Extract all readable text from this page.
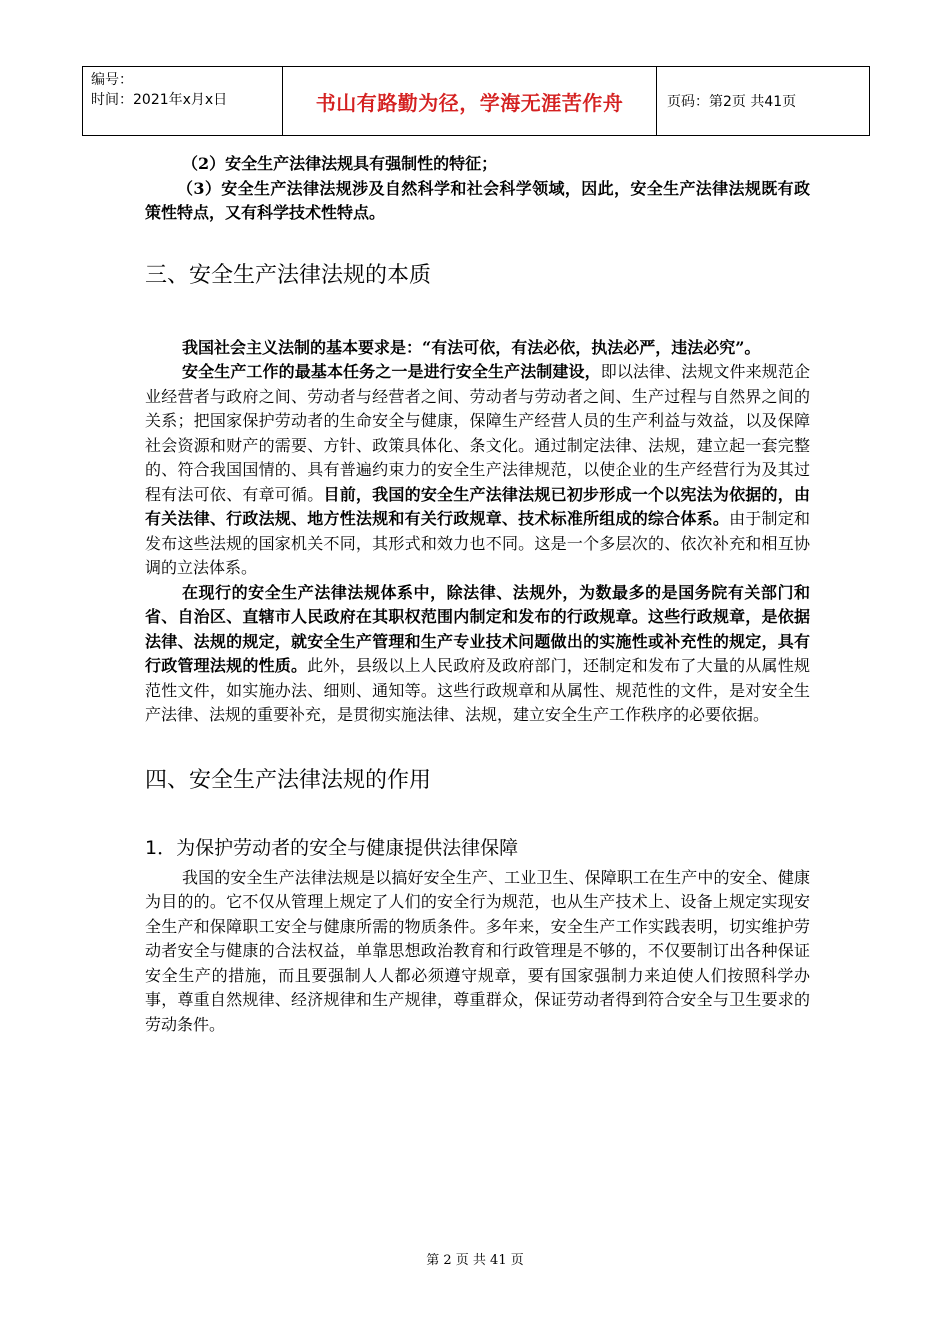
编号：
时间：2021年x月x日	书山有路勤为径，学海无涯苦作舟	页码：第2页 共41页

（2）安全生产法律法规具有强制性的特征；

（3）安全生产法律法规涉及自然科学和社会科学领域，因此，安全生产法律法规既有政策性特点，又有科学技术性特点。

三、安全生产法律法规的本质

我国社会主义法制的基本要求是：“有法可依，有法必依，执法必严，违法必究”。

安全生产工作的最基本任务之一是进行安全生产法制建设，即以法律、法规文件来规范企业经营者与政府之间、劳动者与经营者之间、劳动者与劳动者之间、生产过程与自然界之间的关系；把国家保护劳动者的生命安全与健康，保障生产经营人员的生产利益与效益，以及保障社会资源和财产的需要、方针、政策具体化、条文化。通过制定法律、法规，建立起一套完整的、符合我国国情的、具有普遍约束力的安全生产法律规范，以使企业的生产经营行为及其过程有法可依、有章可循。目前，我国的安全生产法律法规已初步形成一个以宪法为依据的，由有关法律、行政法规、地方性法规和有关行政规章、技术标准所组成的综合体系。由于制定和发布这些法规的国家机关不同，其形式和效力也不同。这是一个多层次的、依次补充和相互协调的立法体系。

在现行的安全生产法律法规体系中，除法律、法规外，为数最多的是国务院有关部门和省、自治区、直辖市人民政府在其职权范围内制定和发布的行政规章。这些行政规章，是依据法律、法规的规定，就安全生产管理和生产专业技术问题做出的实施性或补充性的规定，具有行政管理法规的性质。此外，县级以上人民政府及政府部门，还制定和发布了大量的从属性规范性文件，如实施办法、细则、通知等。这些行政规章和从属性、规范性的文件，是对安全生产法律、法规的重要补充，是贯彻实施法律、法规，建立安全生产工作秩序的必要依据。

四、安全生产法律法规的作用
1．为保护劳动者的安全与健康提供法律保障

我国的安全生产法律法规是以搞好安全生产、工业卫生、保障职工在生产中的安全、健康为目的的。它不仅从管理上规定了人们的安全行为规范，也从生产技术上、设备上规定实现安全生产和保障职工安全与健康所需的物质条件。多年来，安全生产工作实践表明，切实维护劳动者安全与健康的合法权益，单靠思想政治教育和行政管理是不够的，不仅要制订出各种保证安全生产的措施，而且要强制人人都必须遵守规章，要有国家强制力来迫使人们按照科学办事，尊重自然规律、经济规律和生产规律，尊重群众，保证劳动者得到符合安全与卫生要求的劳动条件。

第 2 页 共 41 页
